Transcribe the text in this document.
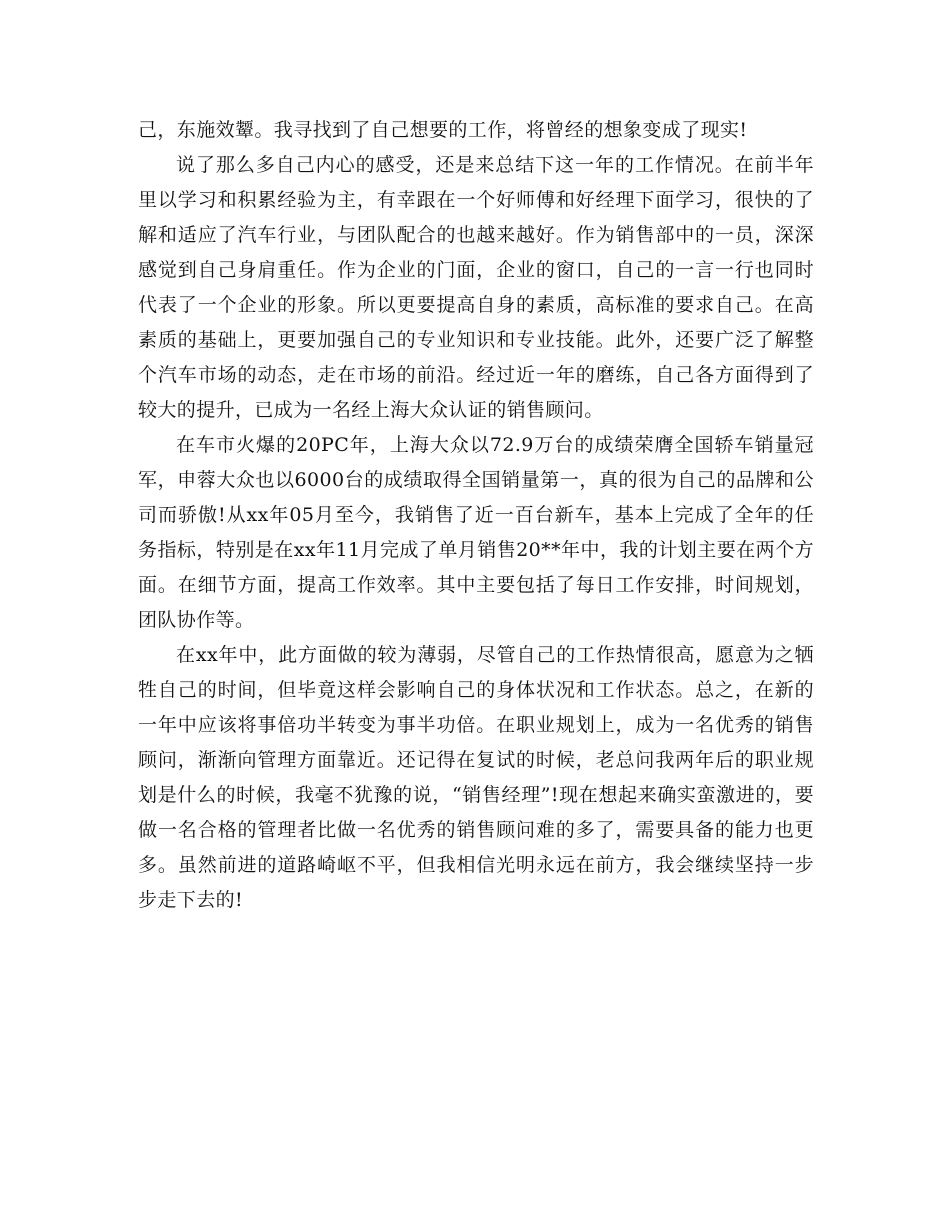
己，东施效颦。我寻找到了自己想要的工作，将曾经的想象变成了现实!

说了那么多自己内心的感受，还是来总结下这一年的工作情况。在前半年里以学习和积累经验为主，有幸跟在一个好师傅和好经理下面学习，很快的了解和适应了汽车行业，与团队配合的也越来越好。作为销售部中的一员，深深感觉到自己身肩重任。作为企业的门面，企业的窗口，自己的一言一行也同时代表了一个企业的形象。所以更要提高自身的素质，高标准的要求自己。在高素质的基础上，更要加强自己的专业知识和专业技能。此外，还要广泛了解整个汽车市场的动态，走在市场的前沿。经过近一年的磨练，自己各方面得到了较大的提升，已成为一名经上海大众认证的销售顾问。

在车市火爆的20PC年，上海大众以72.9万台的成绩荣膺全国轿车销量冠军，申蓉大众也以6000台的成绩取得全国销量第一，真的很为自己的品牌和公司而骄傲!从xx年05月至今，我销售了近一百台新车，基本上完成了全年的任务指标，特别是在xx年11月完成了单月销售20**年中，我的计划主要在两个方面。在细节方面，提高工作效率。其中主要包括了每日工作安排，时间规划，团队协作等。

在xx年中，此方面做的较为薄弱，尽管自己的工作热情很高，愿意为之牺牲自己的时间，但毕竟这样会影响自己的身体状况和工作状态。总之，在新的一年中应该将事倍功半转变为事半功倍。在职业规划上，成为一名优秀的销售顾问，渐渐向管理方面靠近。还记得在复试的时候，老总问我两年后的职业规划是什么的时候，我毫不犹豫的说，“销售经理”!现在想起来确实蛮激进的，要做一名合格的管理者比做一名优秀的销售顾问难的多了，需要具备的能力也更多。虽然前进的道路崎岖不平，但我相信光明永远在前方，我会继续坚持一步步走下去的!
